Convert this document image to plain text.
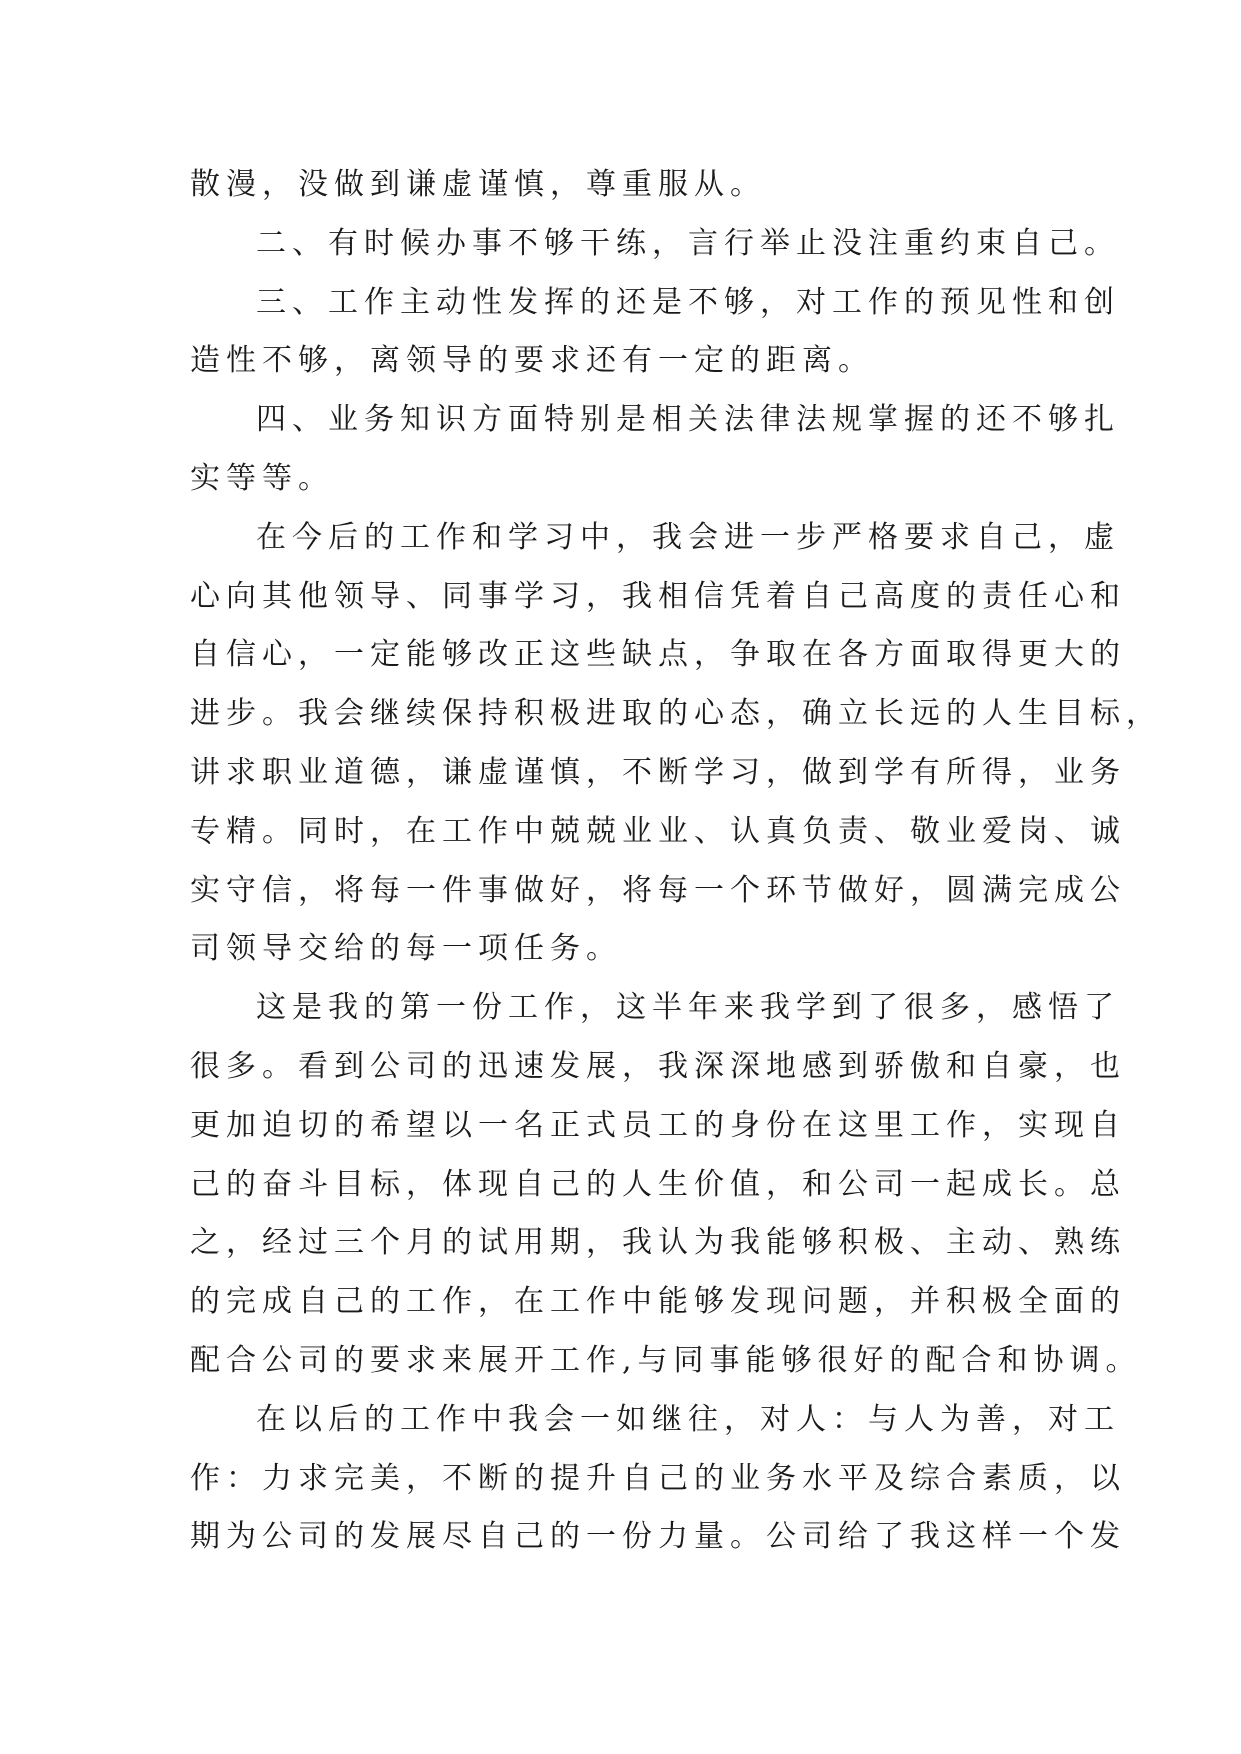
散漫，没做到谦虚谨慎，尊重服从。
二、有时候办事不够干练，言行举止没注重约束自己。
三、工作主动性发挥的还是不够，对工作的预见性和创
造性不够，离领导的要求还有一定的距离。
四、业务知识方面特别是相关法律法规掌握的还不够扎
实等等。
在今后的工作和学习中，我会进一步严格要求自己，虚
心向其他领导、同事学习，我相信凭着自己高度的责任心和
自信心，一定能够改正这些缺点，争取在各方面取得更大的
进步。我会继续保持积极进取的心态，确立长远的人生目标，
讲求职业道德，谦虚谨慎，不断学习，做到学有所得，业务
专精。同时，在工作中兢兢业业、认真负责、敬业爱岗、诚
实守信，将每一件事做好，将每一个环节做好，圆满完成公
司领导交给的每一项任务。
这是我的第一份工作，这半年来我学到了很多，感悟了
很多。看到公司的迅速发展，我深深地感到骄傲和自豪，也
更加迫切的希望以一名正式员工的身份在这里工作，实现自
己的奋斗目标，体现自己的人生价值，和公司一起成长。总
之，经过三个月的试用期，我认为我能够积极、主动、熟练
的完成自己的工作，在工作中能够发现问题，并积极全面的
配合公司的要求来展开工作,与同事能够很好的配合和协调。
在以后的工作中我会一如继往，对人：与人为善，对工
作：力求完美，不断的提升自己的业务水平及综合素质，以
期为公司的发展尽自己的一份力量。公司给了我这样一个发
